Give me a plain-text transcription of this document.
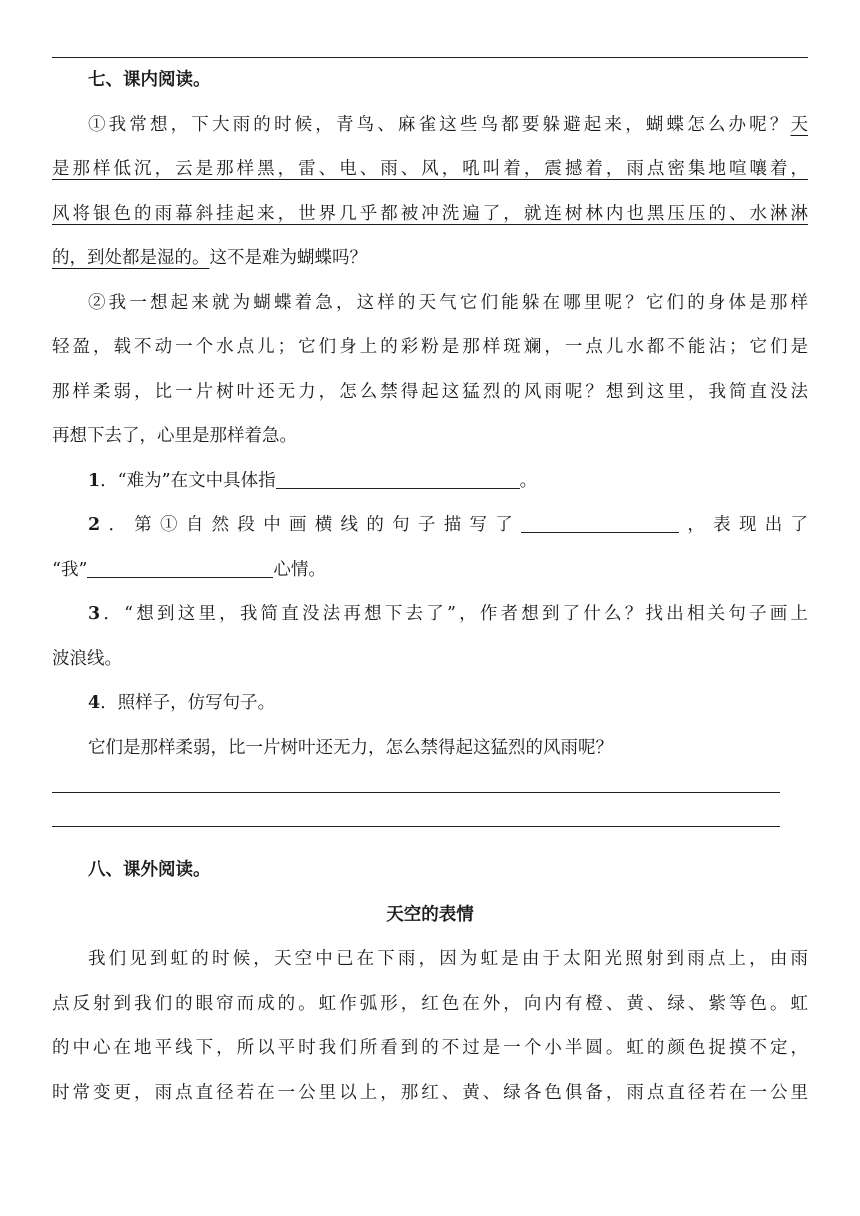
七、课内阅读。
①我常想，下大雨的时候，青鸟、麻雀这些鸟都要躲避起来，蝴蝶怎么办呢？天
是那样低沉，云是那样黑，雷、电、雨、风，吼叫着，震撼着，雨点密集地喧嚷着，
风将银色的雨幕斜挂起来，世界几乎都被冲洗遍了，就连树林内也黑压压的、水淋淋
的，到处都是湿的。这不是难为蝴蝶吗？
②我一想起来就为蝴蝶着急，这样的天气它们能躲在哪里呢？它们的身体是那样
轻盈，载不动一个水点儿；它们身上的彩粉是那样斑斓，一点儿水都不能沾；它们是
那样柔弱，比一片树叶还无力，怎么禁得起这猛烈的风雨呢？想到这里，我简直没法
再想下去了，心里是那样着急。
1．“难为”在文中具体指	。
2．第①自然段中画横线的句子描写了	，表现出了
“我”	心情。
3．“想到这里，我简直没法再想下去了”，作者想到了什么？找出相关句子画上
波浪线。
4．照样子，仿写句子。
它们是那样柔弱，比一片树叶还无力，怎么禁得起这猛烈的风雨呢？
八、课外阅读。
天空的表情
我们见到虹的时候，天空中已在下雨，因为虹是由于太阳光照射到雨点上，由雨
点反射到我们的眼帘而成的。虹作弧形，红色在外，向内有橙、黄、绿、紫等色。虹
的中心在地平线下，所以平时我们所看到的不过是一个小半圆。虹的颜色捉摸不定，
时常变更，雨点直径若在一公里以上，那红、黄、绿各色俱备，雨点直径若在一公里
